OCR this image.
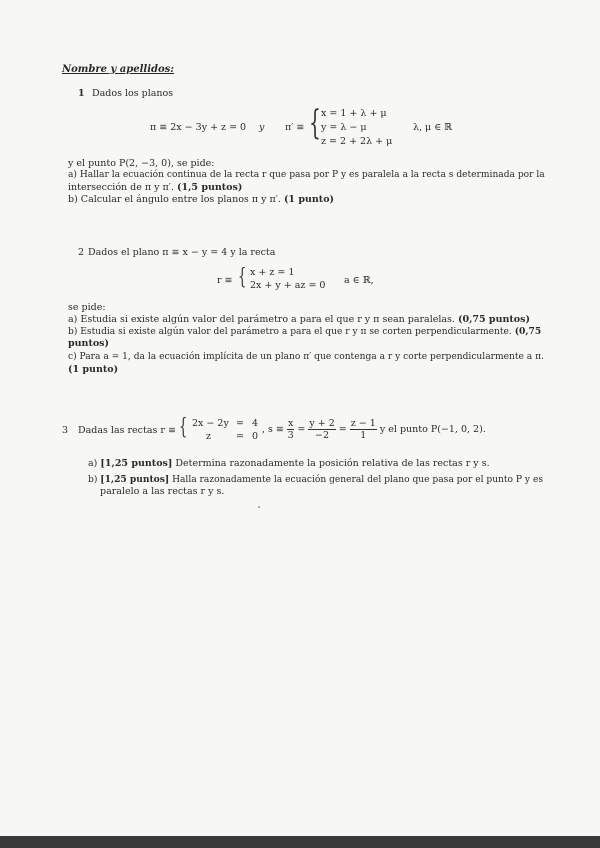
Nombre y apellidos:
1 Dados los planos
π ≡ 2x − 3y + z = 0 y π′ ≡ { x = 1 + λ + μ
y = λ − μ
z = 2 + 2λ + μ
λ, μ ∈ ℝ
y el punto P(2, −3, 0), se pide:
a) Hallar la ecuación continua de la recta r que pasa por P y es paralela a la recta s determinada por la
intersección de π y π′. (1,5 puntos)
b) Calcular el ángulo entre los planos π y π′. (1 punto)
2 Dados el plano π ≡ x − y = 4 y la recta
r ≡ { x + z = 1
2x + y + az = 0 a ∈ ℝ,
se pide:
a) Estudia si existe algún valor del parámetro a para el que r y π sean paralelas. (0,75 puntos)
b) Estudia si existe algún valor del parámetro a para el que r y π se corten perpendicularmente. (0,75
puntos)
c) Para a = 1, da la ecuación implícita de un plano π′ que contenga a r y corte perpendicularmente a π.
(1 punto)
3 Dadas las rectas r ≡ { 2x − 2y = 4
z	= 0
, $s \equiv \frac{x}{3} = \frac{y + 2}{-2} = \frac{z - 1}{1}$ y el punto P(−1, 0, 2).
a) [1,25 puntos] Determina razonadamente la posición relativa de las rectas r y s.
b) [1,25 puntos] Halla razonadamente la ecuación general del plano que pasa por el punto P y es
paralelo a las rectas r y s.
